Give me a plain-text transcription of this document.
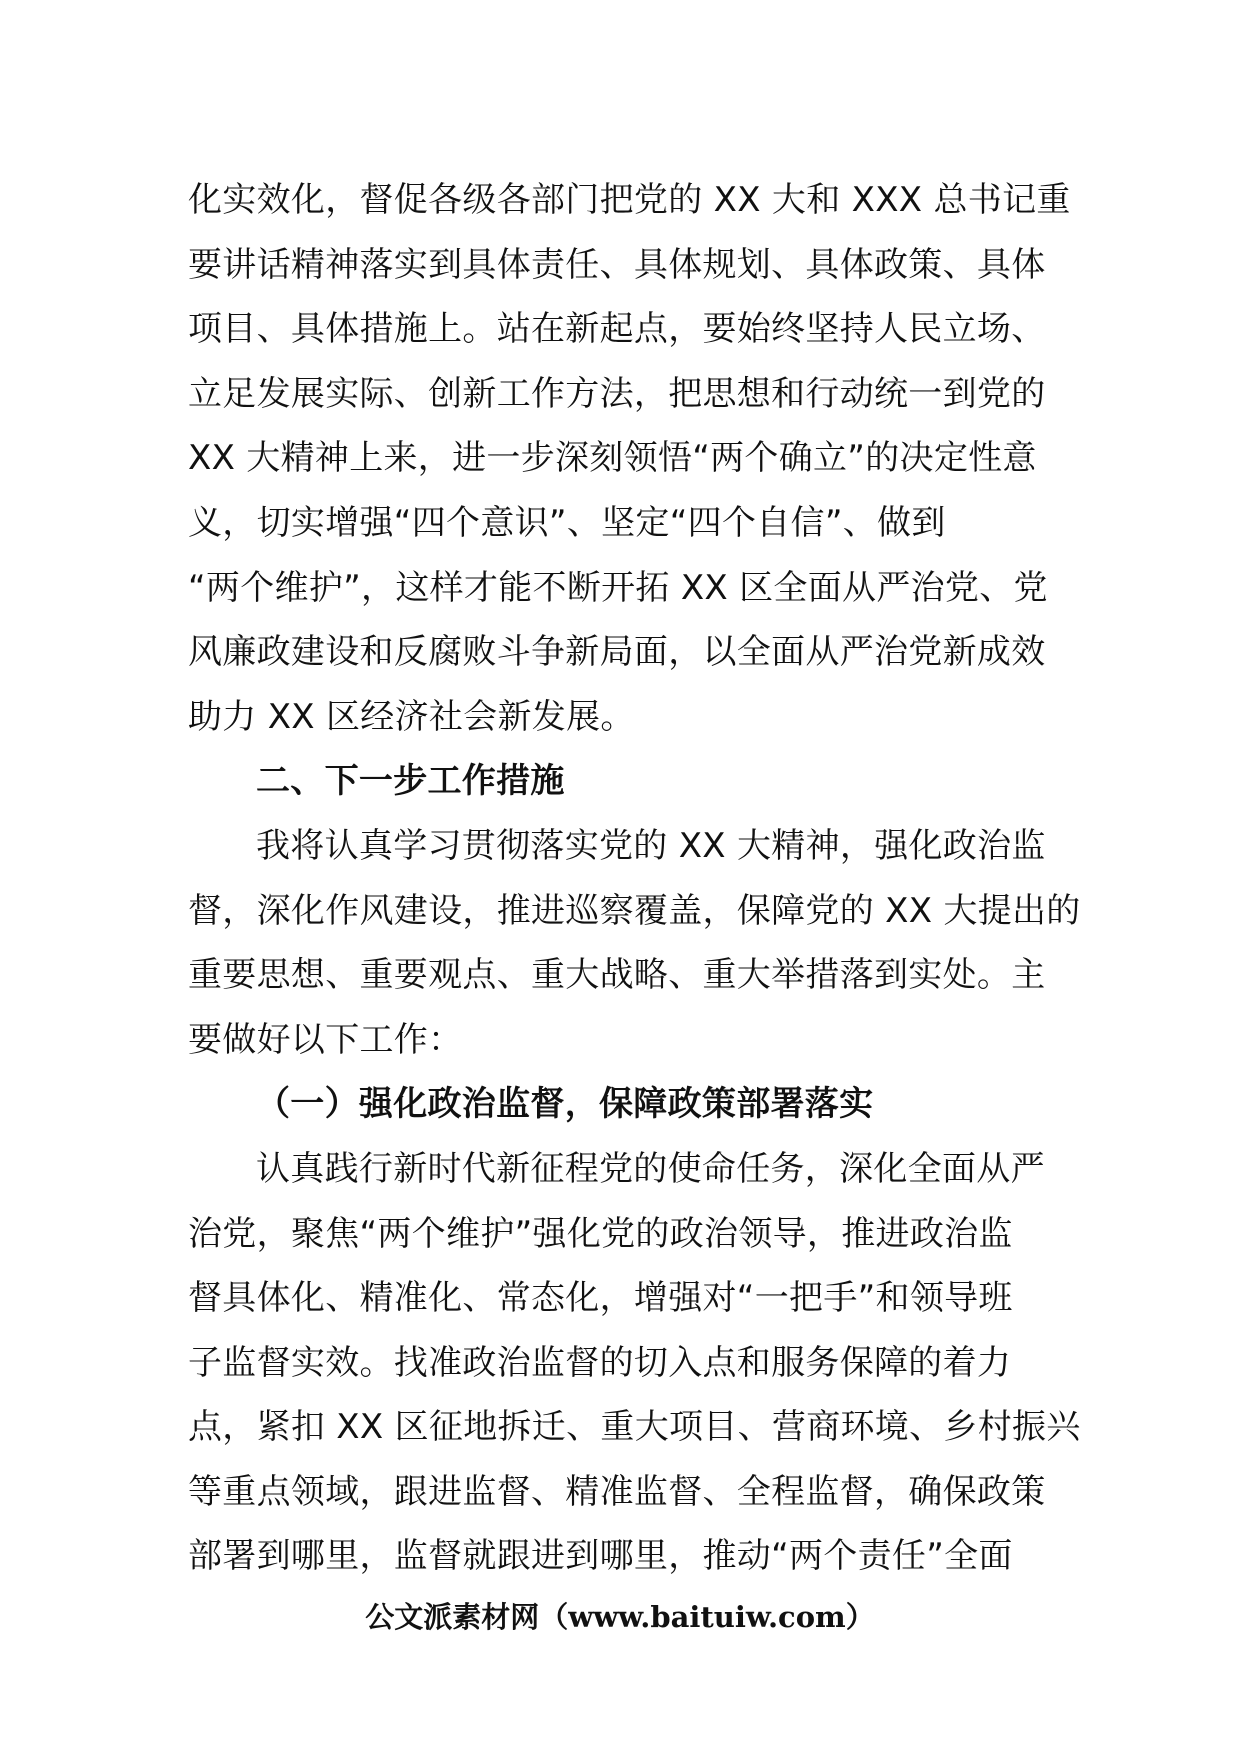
化实效化，督促各级各部门把党的 XX 大和 XXX 总书记重
要讲话精神落实到具体责任、具体规划、具体政策、具体
项目、具体措施上。站在新起点，要始终坚持人民立场、
立足发展实际、创新工作方法，把思想和行动统一到党的
XX 大精神上来，进一步深刻领悟“两个确立”的决定性意
义，切实增强“四个意识”、坚定“四个自信”、做到
“两个维护”，这样才能不断开拓 XX 区全面从严治党、党
风廉政建设和反腐败斗争新局面，以全面从严治党新成效
助力 XX 区经济社会新发展。
二、下一步工作措施
我将认真学习贯彻落实党的 XX 大精神，强化政治监
督，深化作风建设，推进巡察覆盖，保障党的 XX 大提出的
重要思想、重要观点、重大战略、重大举措落到实处。主
要做好以下工作：
（一）强化政治监督，保障政策部署落实
认真践行新时代新征程党的使命任务，深化全面从严
治党，聚焦“两个维护”强化党的政治领导，推进政治监
督具体化、精准化、常态化，增强对“一把手”和领导班
子监督实效。找准政治监督的切入点和服务保障的着力
点，紧扣 XX 区征地拆迁、重大项目、营商环境、乡村振兴
等重点领域，跟进监督、精准监督、全程监督，确保政策
部署到哪里，监督就跟进到哪里，推动“两个责任”全面
公文派素材网（www.baituiw.com）
